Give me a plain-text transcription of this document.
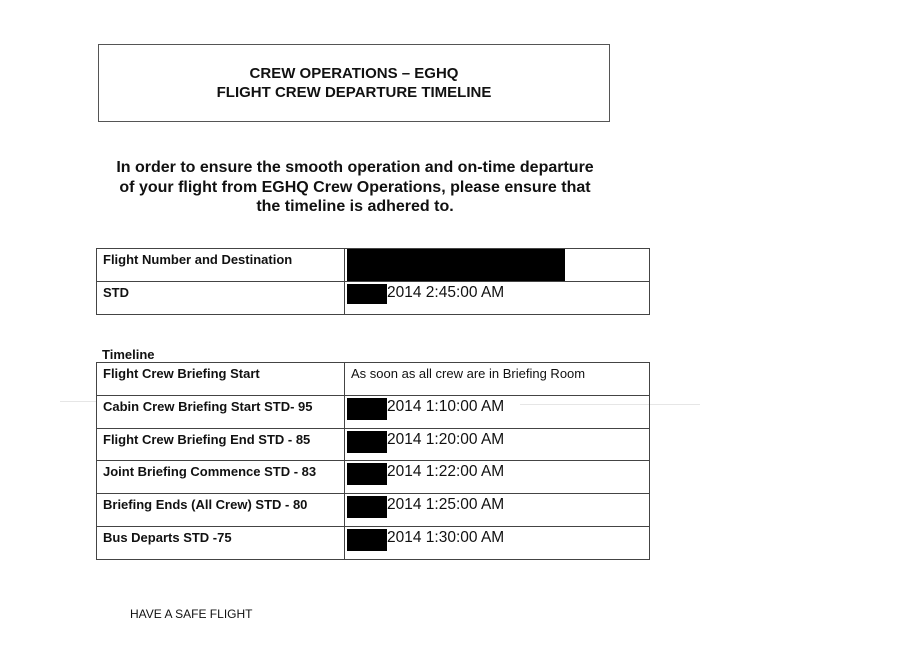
CREW OPERATIONS – EGHQ
FLIGHT CREW DEPARTURE TIMELINE
In order to ensure the smooth operation and on-time departure
of your flight from EGHQ Crew Operations, please ensure that
the timeline is adhered to.
Flight Number and Destination	

STD	2014 2:45:00 AM
Timeline
Flight Crew Briefing Start	As soon as all crew are in Briefing Room

Cabin Crew Briefing Start STD- 95	2014 1:10:00 AM

Flight Crew Briefing End STD - 85	2014 1:20:00 AM

Joint Briefing Commence STD - 83	2014 1:22:00 AM

Briefing Ends (All Crew) STD - 80	2014 1:25:00 AM

Bus Departs STD -75	2014 1:30:00 AM
HAVE A SAFE FLIGHT
